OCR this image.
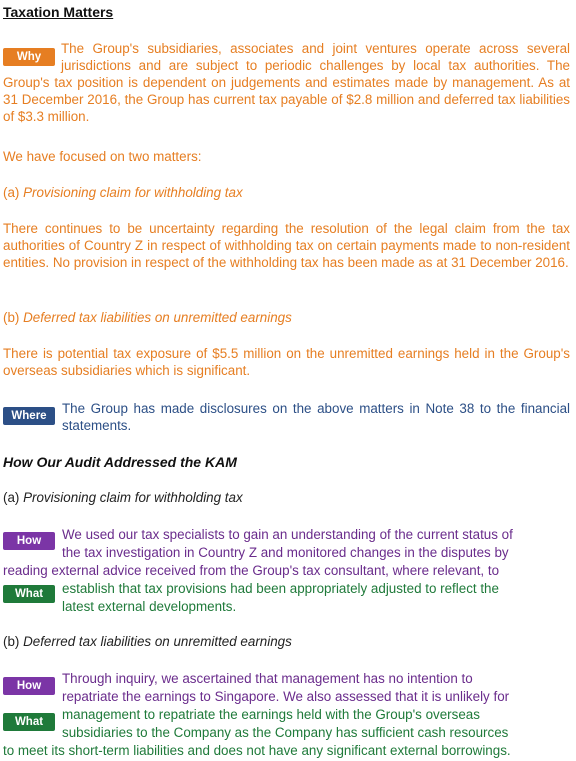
Taxation Matters
Why
The Group's subsidiaries, associates and joint ventures operate across several jurisdictions and are subject to periodic challenges by local tax authorities. The Group's tax position is dependent on judgements and estimates made by management. As at 31 December 2016, the Group has current tax payable of $2.8 million and deferred tax liabilities of $3.3 million.
We have focused on two matters:
(a) Provisioning claim for withholding tax
There continues to be uncertainty regarding the resolution of the legal claim from the tax authorities of Country Z in respect of withholding tax on certain payments made to non-resident entities. No provision in respect of the withholding tax has been made as at 31 December 2016.
(b) Deferred tax liabilities on unremitted earnings
There is potential tax exposure of $5.5 million on the unremitted earnings held in the Group's overseas subsidiaries which is significant.
Where	The Group has made disclosures on the above matters in Note 38 to the financial statements.
How Our Audit Addressed the KAM
(a) Provisioning claim for withholding tax
How
What
We used our tax specialists to gain an understanding of the current status of
the tax investigation in Country Z and monitored changes in the disputes by
reading external advice received from the Group's tax consultant, where relevant, to
establish that tax provisions had been appropriately adjusted to reflect the
latest external developments.
(b) Deferred tax liabilities on unremitted earnings
How
What
Through inquiry, we ascertained that management has no intention to
repatriate the earnings to Singapore. We also assessed that it is unlikely for
management to repatriate the earnings held with the Group's overseas
subsidiaries to the Company as the Company has sufficient cash resources
to meet its short-term liabilities and does not have any significant external borrowings.
